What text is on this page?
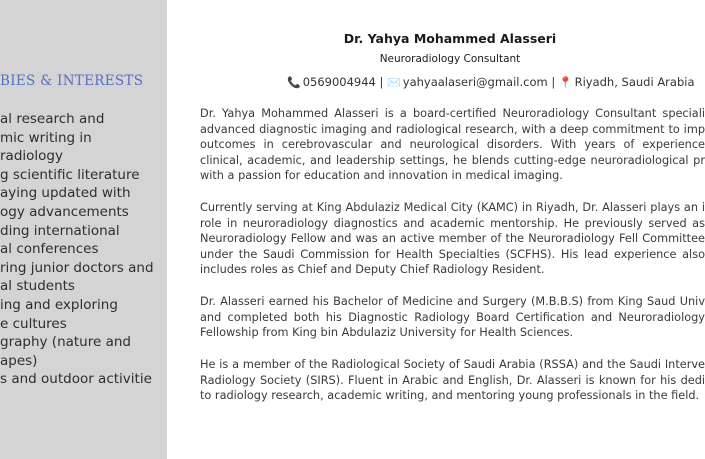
BIES & INTERESTS
al research and
mic writing in
radiology
g scientific literature
aying updated with
ogy advancements
ding international
al conferences
ring junior doctors and
al students
ing and exploring
e cultures
graphy (nature and
apes)
s and outdoor activitie
Dr. Yahya Mohammed Alasseri
Neuroradiology Consultant
📞 0569004944 | ✉️ yahyaalaseri@gmail.com | 📍 Riyadh, Saudi Arabia

Dr. Yahya Mohammed Alasseri is a board-certified Neuroradiology Consultant speciali advanced diagnostic imaging and radiological research, with a deep commitment to imp outcomes in cerebrovascular and neurological disorders. With years of experience clinical, academic, and leadership settings, he blends cutting-edge neuroradiological pr with a passion for education and innovation in medical imaging.

Currently serving at King Abdulaziz Medical City (KAMC) in Riyadh, Dr. Alasseri plays an i role in neuroradiology diagnostics and academic mentorship. He previously served as Neuroradiology Fellow and was an active member of the Neuroradiology Fell Committee under the Saudi Commission for Health Specialties (SCFHS). His lead experience also includes roles as Chief and Deputy Chief Radiology Resident.

Dr. Alasseri earned his Bachelor of Medicine and Surgery (M.B.B.S) from King Saud Univ and completed both his Diagnostic Radiology Board Certification and Neuroradiology Fellowship from King bin Abdulaziz University for Health Sciences.

He is a member of the Radiological Society of Saudi Arabia (RSSA) and the Saudi Interve Radiology Society (SIRS). Fluent in Arabic and English, Dr. Alasseri is known for his dedi to radiology research, academic writing, and mentoring young professionals in the field.
